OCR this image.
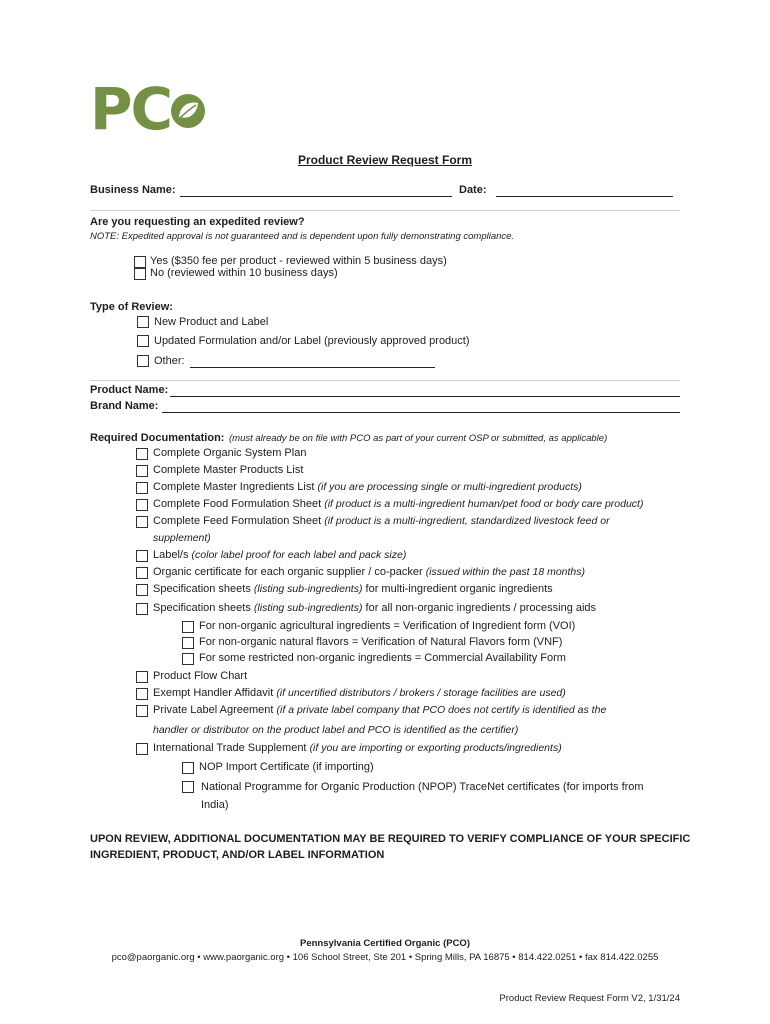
PC
Product Review Request Form
Business Name:	Date:
Are you requesting an expedited review?
NOTE: Expedited approval is not guaranteed and is dependent upon fully demonstrating compliance.
Yes ($350 fee per product - reviewed within 5 business days)
No (reviewed within 10 business days)
Type of Review:
New Product and Label
Updated Formulation and/or Label (previously approved product)
Other:
Product Name:
Brand Name:
Required Documentation: (must already be on file with PCO as part of your current OSP or submitted, as applicable)
Complete Organic System Plan
Complete Master Products List
Complete Master Ingredients List (if you are processing single or multi-ingredient products)
Complete Food Formulation Sheet (if product is a multi-ingredient human/pet food or body care product)
Complete Feed Formulation Sheet (if product is a multi-ingredient, standardized livestock feed or
supplement)
Label/s (color label proof for each label and pack size)
Organic certificate for each organic supplier / co-packer (issued within the past 18 months)
Specification sheets (listing sub-ingredients) for multi-ingredient organic ingredients
Specification sheets (listing sub-ingredients) for all non-organic ingredients / processing aids
For non-organic agricultural ingredients = Verification of Ingredient form (VOI)
For non-organic natural flavors = Verification of Natural Flavors form (VNF)
For some restricted non-organic ingredients = Commercial Availability Form
Product Flow Chart
Exempt Handler Affidavit (if uncertified distributors / brokers / storage facilities are used)
Private Label Agreement (if a private label company that PCO does not certify is identified as the
handler or distributor on the product label and PCO is identified as the certifier)
International Trade Supplement (if you are importing or exporting products/ingredients)
NOP Import Certificate (if importing)
National Programme for Organic Production (NPOP) TraceNet certificates (for imports from
India)
UPON REVIEW, ADDITIONAL DOCUMENTATION MAY BE REQUIRED TO VERIFY COMPLIANCE OF YOUR SPECIFIC
INGREDIENT, PRODUCT, AND/OR LABEL INFORMATION
Pennsylvania Certified Organic (PCO)
pco@paorganic.org • www.paorganic.org • 106 School Street, Ste 201 • Spring Mills, PA 16875 • 814.422.0251 • fax 814.422.0255
Product Review Request Form V2, 1/31/24
